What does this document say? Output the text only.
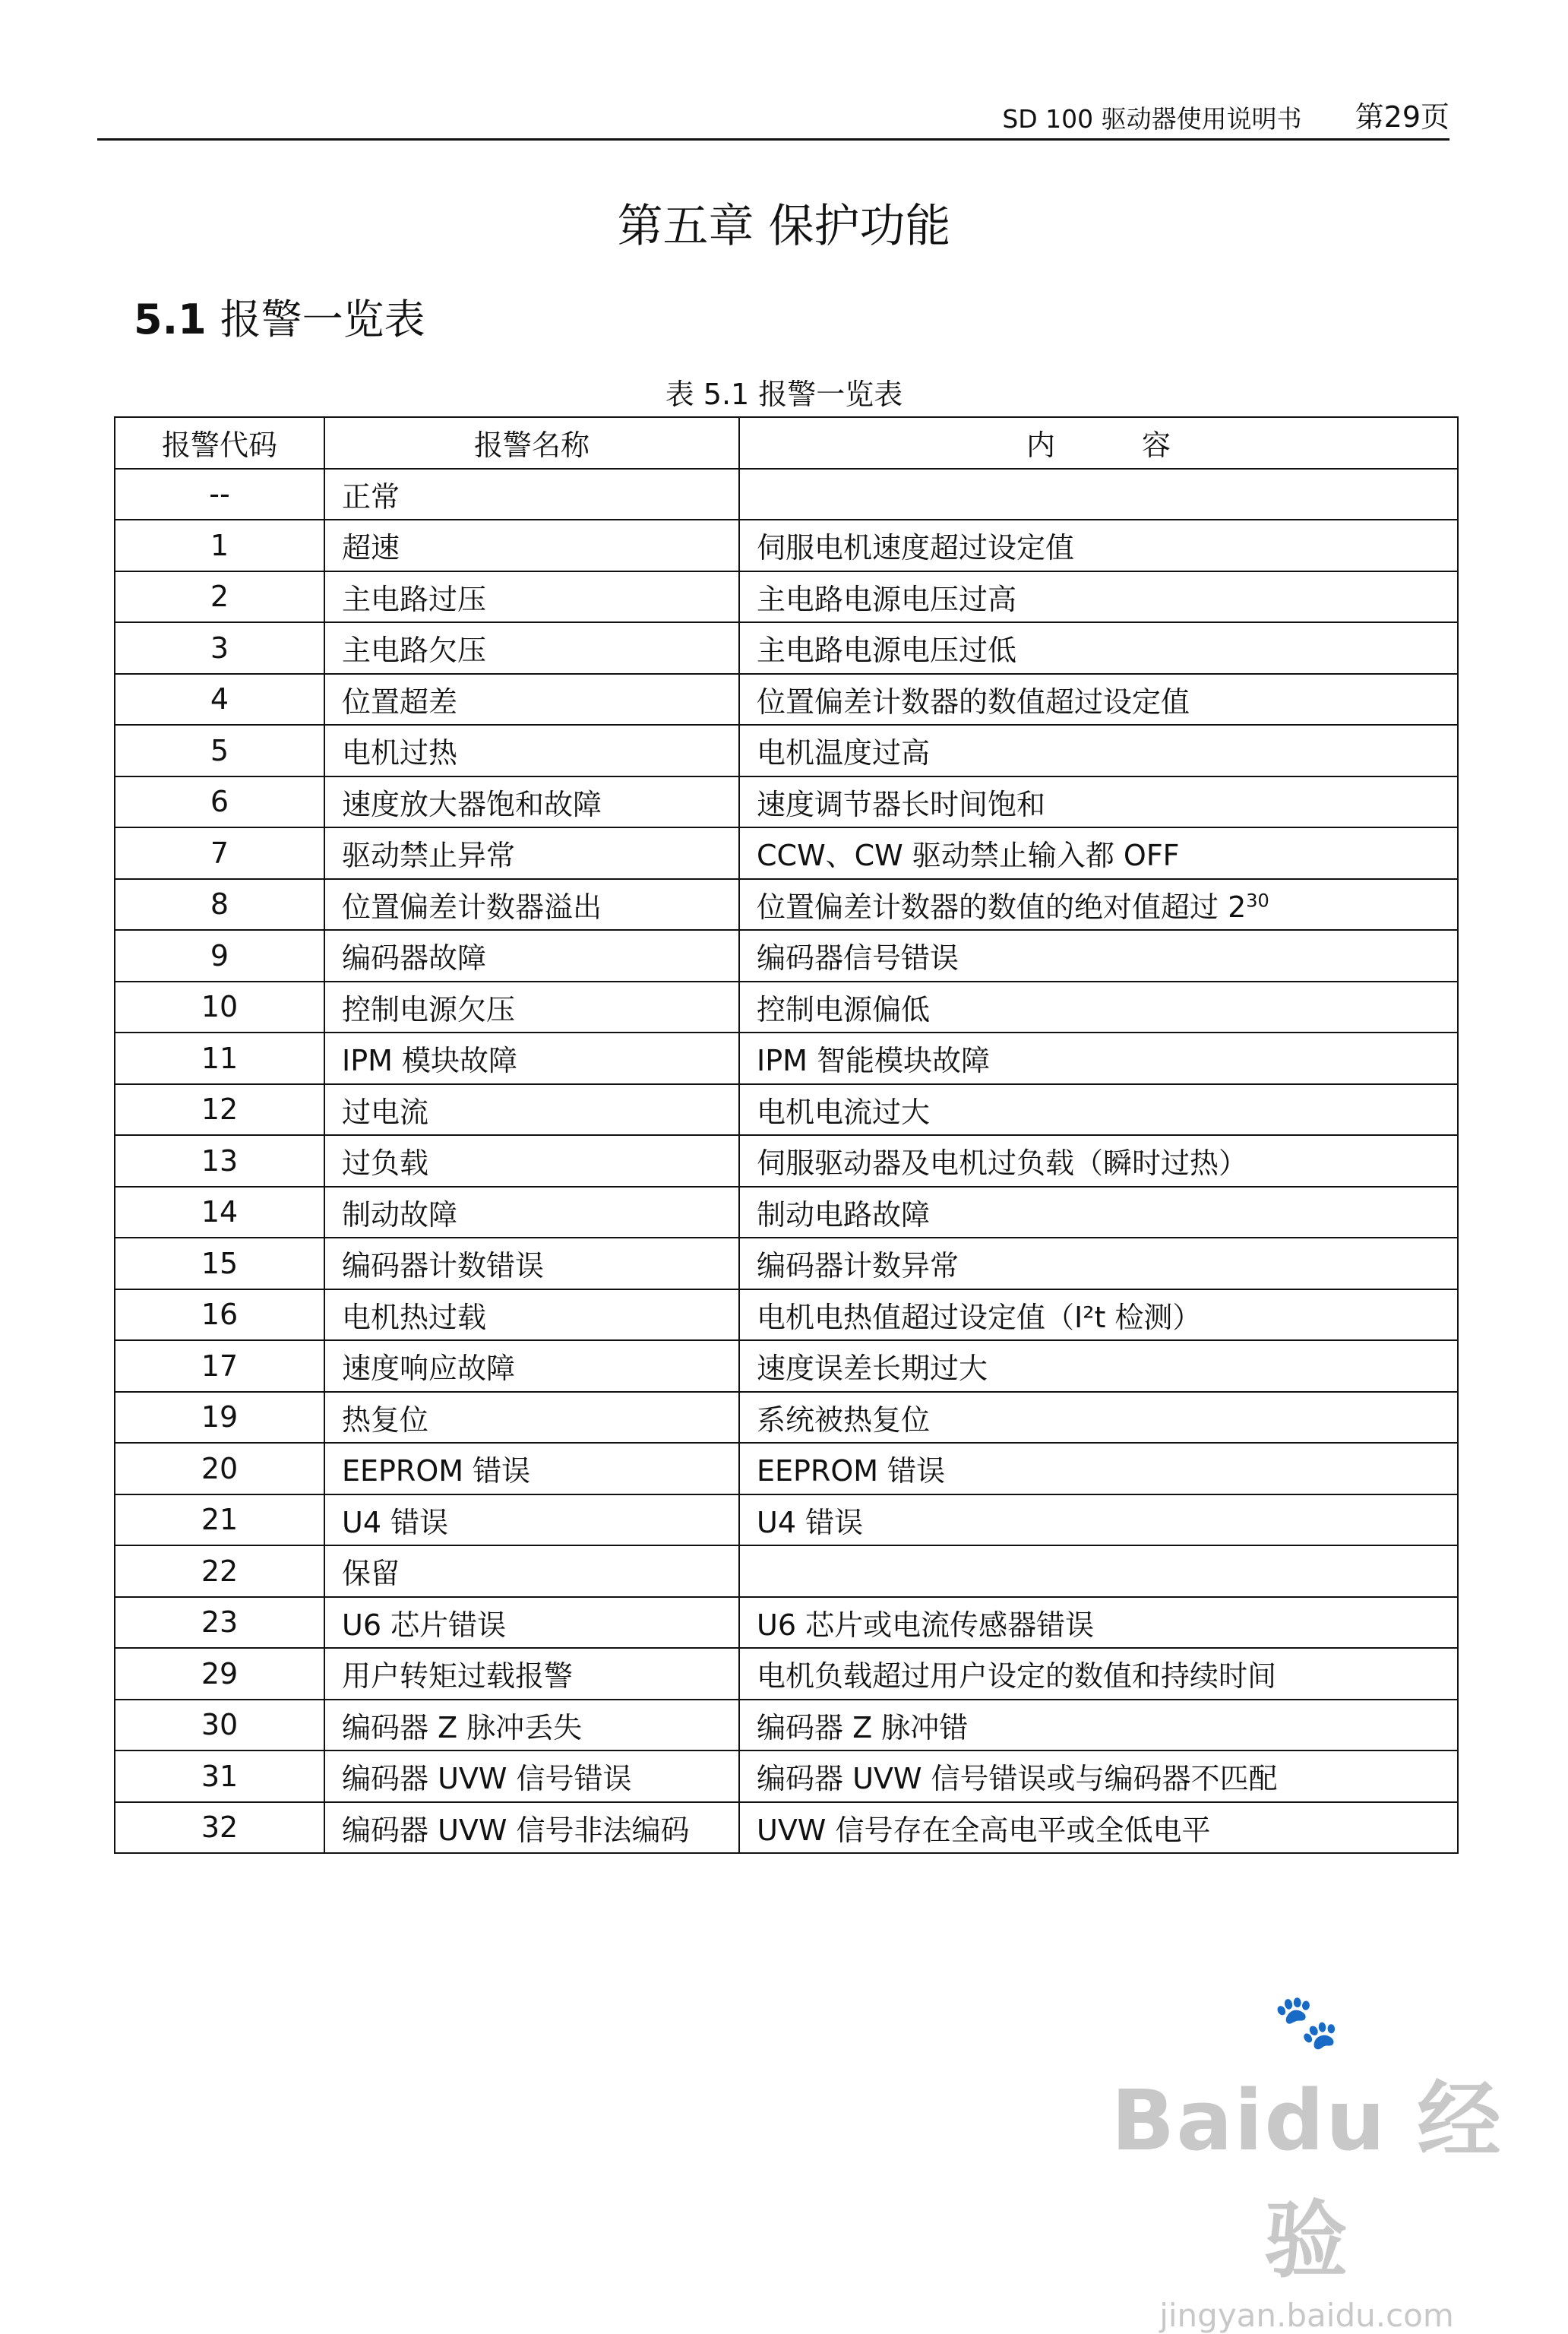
SD 100 驱动器使用说明书 第29页
第五章 保护功能
5.1 报警一览表
表 5.1 报警一览表
报警代码	报警名称	内　　　容
--	正常	
1	超速	伺服电机速度超过设定值
2	主电路过压	主电路电源电压过高
3	主电路欠压	主电路电源电压过低
4	位置超差	位置偏差计数器的数值超过设定值
5	电机过热	电机温度过高
6	速度放大器饱和故障	速度调节器长时间饱和
7	驱动禁止异常	CCW、CW 驱动禁止输入都 OFF
8	位置偏差计数器溢出	位置偏差计数器的数值的绝对值超过 $2^{30}$
9	编码器故障	编码器信号错误
10	控制电源欠压	控制电源偏低
11	IPM 模块故障	IPM 智能模块故障
12	过电流	电机电流过大
13	过负载	伺服驱动器及电机过负载（瞬时过热）
14	制动故障	制动电路故障
15	编码器计数错误	编码器计数异常
16	电机热过载	电机电热值超过设定值（I²t 检测）
17	速度响应故障	速度误差长期过大
19	热复位	系统被热复位
20	EEPROM 错误	EEPROM 错误
21	U4 错误	U4 错误
22	保留	
23	U6 芯片错误	U6 芯片或电流传感器错误
29	用户转矩过载报警	电机负载超过用户设定的数值和持续时间
30	编码器 Z 脉冲丢失	编码器 Z 脉冲错
31	编码器 UVW 信号错误	编码器 UVW 信号错误或与编码器不匹配
32	编码器 UVW 信号非法编码	UVW 信号存在全高电平或全低电平
🐾
Baidu 经验
jingyan.baidu.com
